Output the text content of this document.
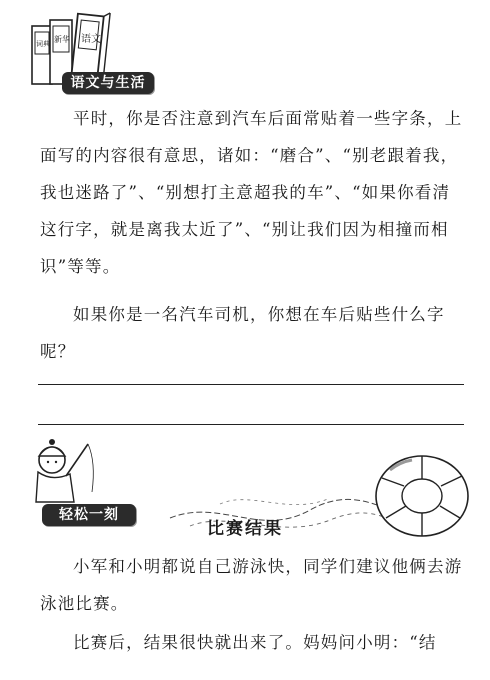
语文
新华
词典
语文与生活
平时，你是否注意到汽车后面常贴着一些字条，上面写的内容很有意思，诸如：“磨合”、“别老跟着我，我也迷路了”、“别想打主意超我的车”、“如果你看清这行字，就是离我太近了”、“别让我们因为相撞而相识”等等。
如果你是一名汽车司机，你想在车后贴些什么字呢？
轻松一刻
比赛结果
小军和小明都说自己游泳快，同学们建议他俩去游泳池比赛。
比赛后，结果很快就出来了。妈妈问小明：“结
